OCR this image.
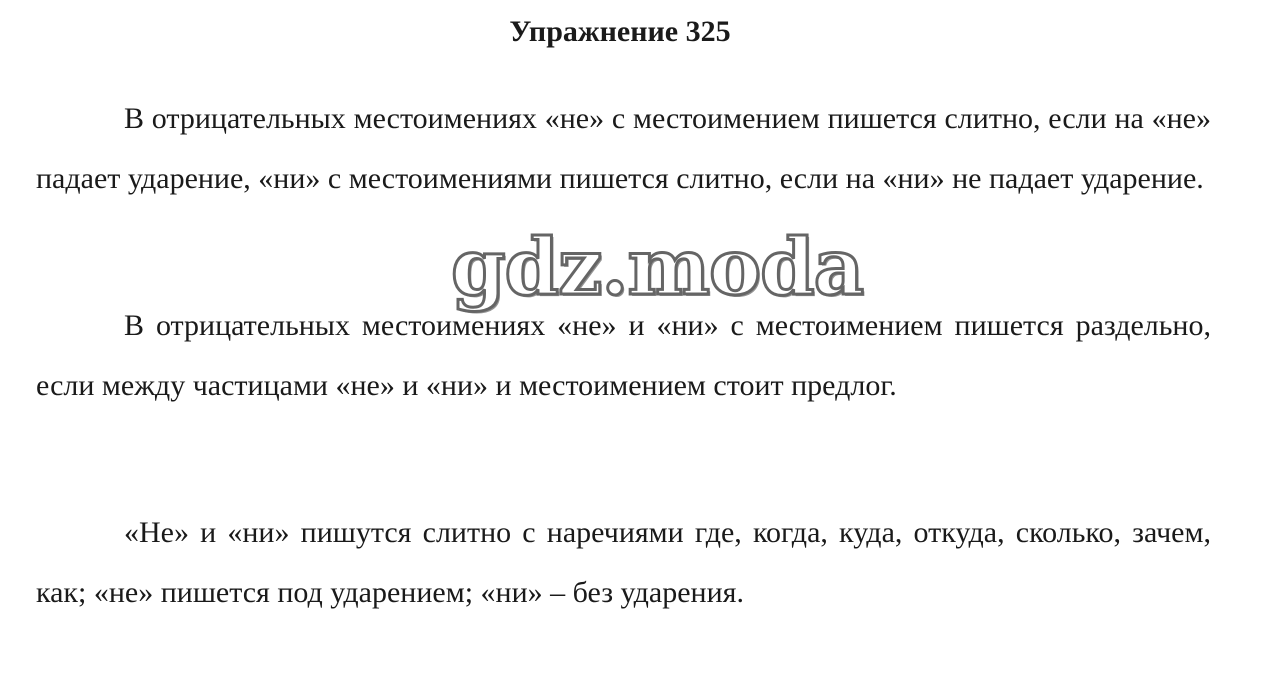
Упражнение 325
В отрицательных местоимениях «не» с местоимением пишется слитно, если на «не» падает ударение, «ни» с местоимениями пишется слитно, если на «ни» не падает ударение.
В отрицательных местоимениях «не» и «ни» с местоимением пишется раздельно, если между частицами «не» и «ни» и местоимением стоит предлог.
«Не» и «ни» пишутся слитно с наречиями где, когда, куда, откуда, сколько, зачем, как; «не» пишется под ударением; «ни» – без ударения.
gdz.moda
